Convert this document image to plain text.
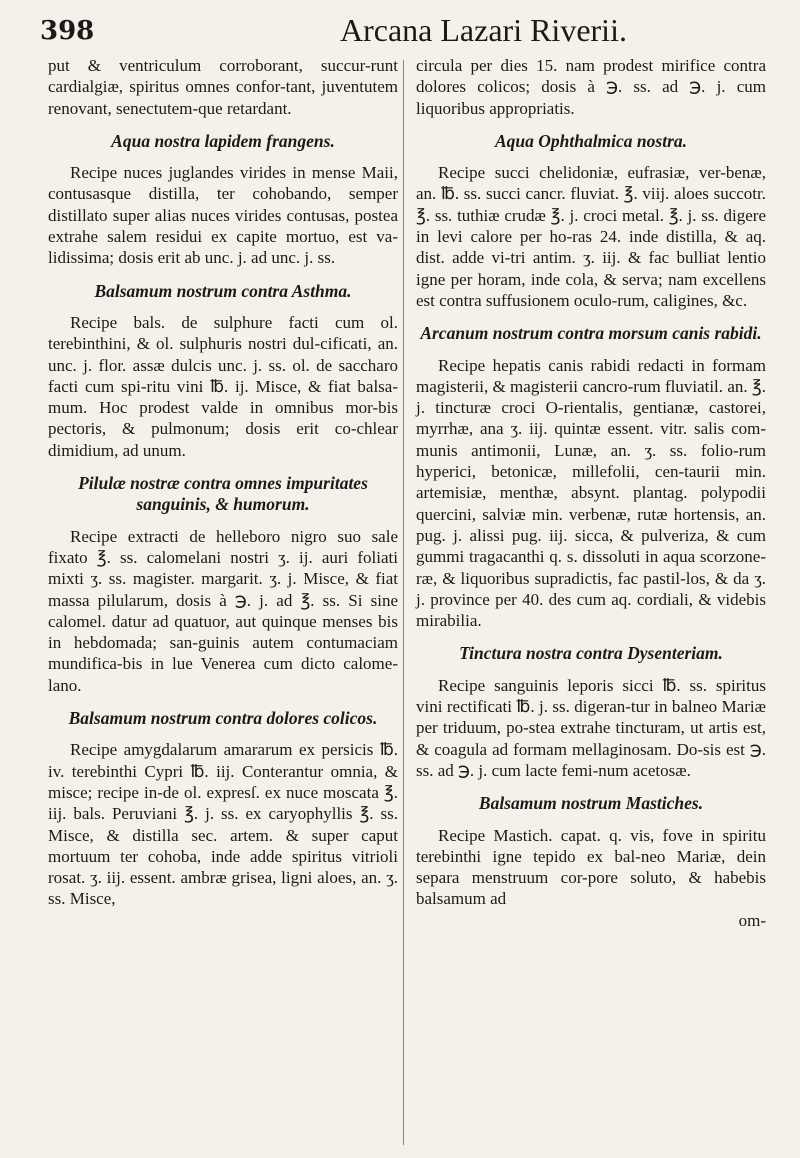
398	Arcana Lazari Riverii.

put & ventriculum corroborant, succur-runt cardialgiæ, spiritus omnes confor-tant, juventutem renovant, senectutem-que retardant.

Aqua nostra lapidem frangens.

Recipe nuces juglandes virides in mense Maii, contusasque distilla, ter cohobando, semper distillato super alias nuces virides contusas, postea extrahe salem residui ex capite mortuo, est va-lidissima; dosis erit ab unc. j. ad unc. j. ss.

Balsamum nostrum contra Asthma.

Recipe bals. de sulphure facti cum ol. terebinthini, & ol. sulphuris nostri dul-cificati, an. unc. j. flor. assæ dulcis unc. j. ss. ol. de saccharo facti cum spi-ritu vini ℔. ij. Misce, & fiat balsa-mum. Hoc prodest valde in omnibus mor-bis pectoris, & pulmonum; dosis erit co-chlear dimidium, ad unum.

Pilulæ nostræ contra omnes impuritates sanguinis, & humorum.

Recipe extracti de helleboro nigro suo sale fixato ℥. ss. calomelani nostri ʒ. ij. auri foliati mixti ʒ. ss. magister. margarit. ʒ. j. Misce, & fiat massa pilularum, dosis à ℈. j. ad ℥. ss. Si sine calomel. datur ad quatuor, aut quinque menses bis in hebdomada; san-guinis autem contumaciam mundifica-bis in lue Venerea cum dicto calome-lano.

Balsamum nostrum contra dolores colicos.

Recipe amygdalarum amararum ex persicis ℔. iv. terebinthi Cypri ℔. iij. Conterantur omnia, & misce; recipe in-de ol. expresſ. ex nuce moscata ℥. iij. bals. Peruviani ℥. j. ss. ex caryophyllis ℥. ss. Misce, & distilla sec. artem. & super caput mortuum ter cohoba, inde adde spiritus vitrioli rosat. ʒ. iij. essent. ambræ grisea, ligni aloes, an. ʒ. ss. Misce,

circula per dies 15. nam prodest mirifice contra dolores colicos; dosis à ℈. ss. ad ℈. j. cum liquoribus appropriatis.

Aqua Ophthalmica nostra.

Recipe succi chelidoniæ, eufrasiæ, ver-benæ, an. ℔. ss. succi cancr. fluviat. ℥. viij. aloes succotr. ℥. ss. tuthiæ crudæ ℥. j. croci metal. ℥. j. ss. digere in levi calore per ho-ras 24. inde distilla, & aq. dist. adde vi-tri antim. ʒ. iij. & fac bulliat lentio igne per horam, inde cola, & serva; nam excellens est contra suffusionem oculo-rum, caligines, &c.

Arcanum nostrum contra morsum canis rabidi.

Recipe hepatis canis rabidi redacti in formam magisterii, & magisterii cancro-rum fluviatil. an. ℥. j. tincturæ croci O-rientalis, gentianæ, castorei, myrrhæ, ana ʒ. iij. quintæ essent. vitr. salis com-munis antimonii, Lunæ, an. ʒ. ss. folio-rum hyperici, betonicæ, millefolii, cen-taurii min. artemisiæ, menthæ, absynt. plantag. polypodii quercini, salviæ min. verbenæ, rutæ hortensis, an. pug. j. alissi pug. iij. sicca, & pulveriza, & cum gummi tragacanthi q. s. dissoluti in aqua scorzone-ræ, & liquoribus supradictis, fac pastil-los, & da ʒ. j. province per 40. des cum aq. cordiali, & videbis mirabilia.

Tinctura nostra contra Dysenteriam.

Recipe sanguinis leporis sicci ℔. ss. spiritus vini rectificati ℔. j. ss. digeran-tur in balneo Mariæ per triduum, po-stea extrahe tincturam, ut artis est, & coagula ad formam mellaginosam. Do-sis est ℈. ss. ad ℈. j. cum lacte femi-num acetosæ.

Balsamum nostrum Mastiches.

Recipe Mastich. capat. q. vis, fove in spiritu terebinthi igne tepido ex bal-neo Mariæ, dein separa menstruum cor-pore soluto, & habebis balsamum ad

om-
